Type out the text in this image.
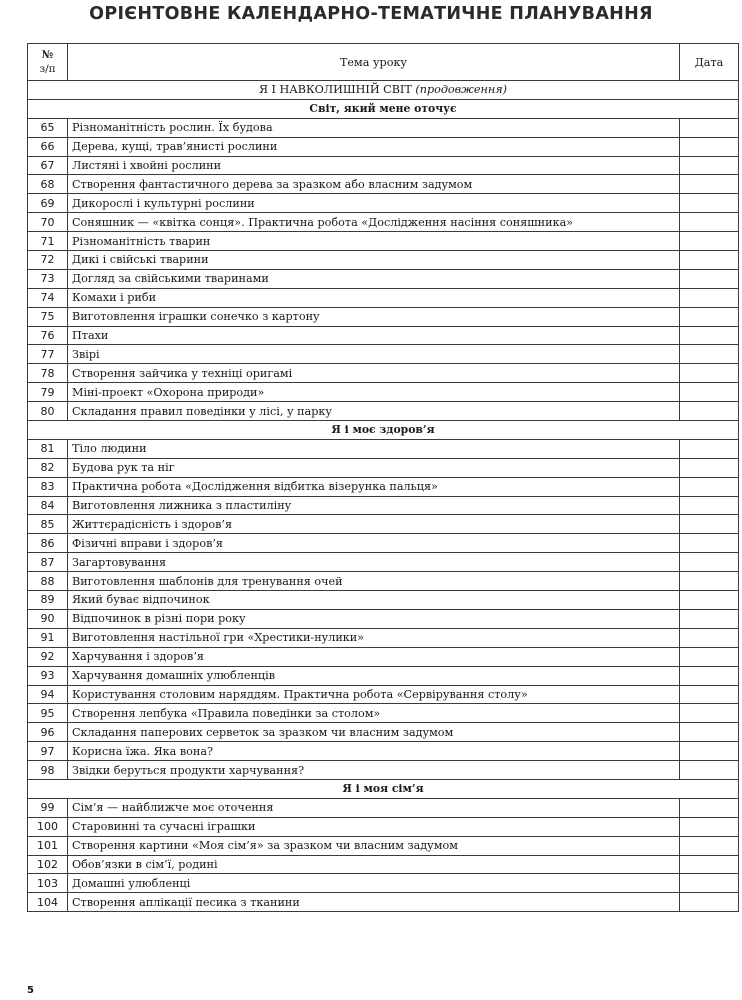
ОРІЄНТОВНЕ КАЛЕНДАРНО-ТЕМАТИЧНЕ ПЛАНУВАННЯ
№
з/п	Тема уроку	Дата
Я І НАВКОЛИШНІЙ СВІТ (продовження)		
Світ, який мене оточує		
65	Різноманітність рослин. Їх будова	
66	Дерева, кущі, трав’янисті рослини	
67	Листяні і хвойні рослини	
68	Створення фантастичного дерева за зразком або власним задумом	
69	Дикорослі і культурні рослини	
70	Соняшник — «квітка сонця». Практична робота «Дослідження насіння соняшника»	
71	Різноманітність тварин	
72	Дикі і свійські тварини	
73	Догляд за свійськими тваринами	
74	Комахи і риби	
75	Виготовлення іграшки сонечко з картону	
76	Птахи	
77	Звірі	
78	Створення зайчика у техніці оригамі	
79	Міні-проект «Охорона природи»	
80	Складання правил поведінки у лісі, у парку	
Я і моє здоров’я		
81	Тіло людини	
82	Будова рук та ніг	
83	Практична робота «Дослідження відбитка візерунка пальця»	
84	Виготовлення лижника з пластиліну	
85	Життєрадісність і здоров’я	
86	Фізичні вправи і здоров’я	
87	Загартовування	
88	Виготовлення шаблонів для тренування очей	
89	Який буває відпочинок	
90	Відпочинок в різні пори року	
91	Виготовлення настільної гри «Хрестики-нулики»	
92	Харчування і здоров’я	
93	Харчування домашніх улюбленців	
94	Користування столовим наряддям. Практична робота «Сервірування столу»	
95	Створення лепбука «Правила поведінки за столом»	
96	Складання паперових серветок за зразком чи власним задумом	
97	Корисна їжа. Яка вона?	
98	Звідки беруться продукти харчування?	
Я і моя сім’я		
99	Сім’я — найближче моє оточення	
100	Старовинні та сучасні іграшки	
101	Створення картини «Моя сім’я» за зразком чи власним задумом	
102	Обов’язки в сім’ї, родині	
103	Домашні улюбленці	
104	Створення аплікації песика з тканини	
5
